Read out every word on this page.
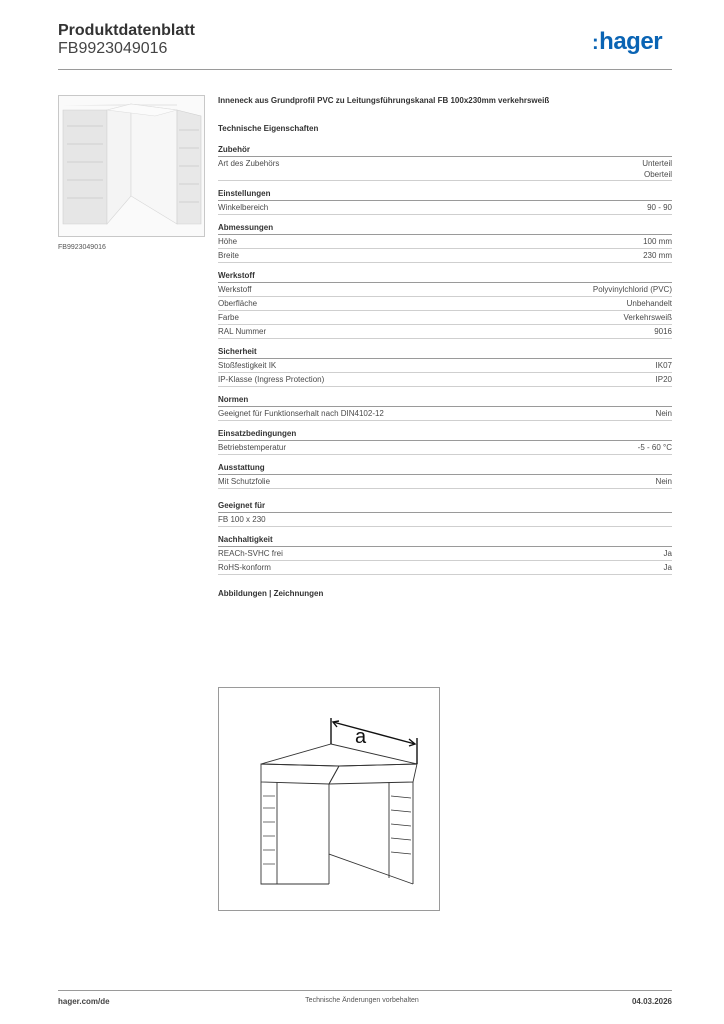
Produktdatenblatt
FB9923049016	:hager
FB9923049016
Inneneck aus Grundprofil PVC zu Leitungsführungskanal FB 100x230mm verkehrsweiß
Technische Eigenschaften
Zubehör
Art des Zubehörs	Unterteil
Oberteil
Einstellungen
Winkelbereich	90 - 90
Abmessungen
Höhe	100 mm
Breite	230 mm
Werkstoff
Werkstoff	Polyvinylchlorid (PVC)
Oberfläche	Unbehandelt
Farbe	Verkehrsweiß
RAL Nummer	9016
Sicherheit
Stoßfestigkeit IK	IK07
IP-Klasse (Ingress Protection)	IP20
Normen
Geeignet für Funktionserhalt nach DIN4102-12	Nein
Einsatzbedingungen
Betriebstemperatur	-5 - 60 °C
Ausstattung
Mit Schutzfolie	Nein
Geeignet für
FB 100 x 230
Nachhaltigkeit
REACh-SVHC frei	Ja
RoHS-konform	Ja
Abbildungen | Zeichnungen
a
hager.com/de	Technische Änderungen vorbehalten	04.03.2026
